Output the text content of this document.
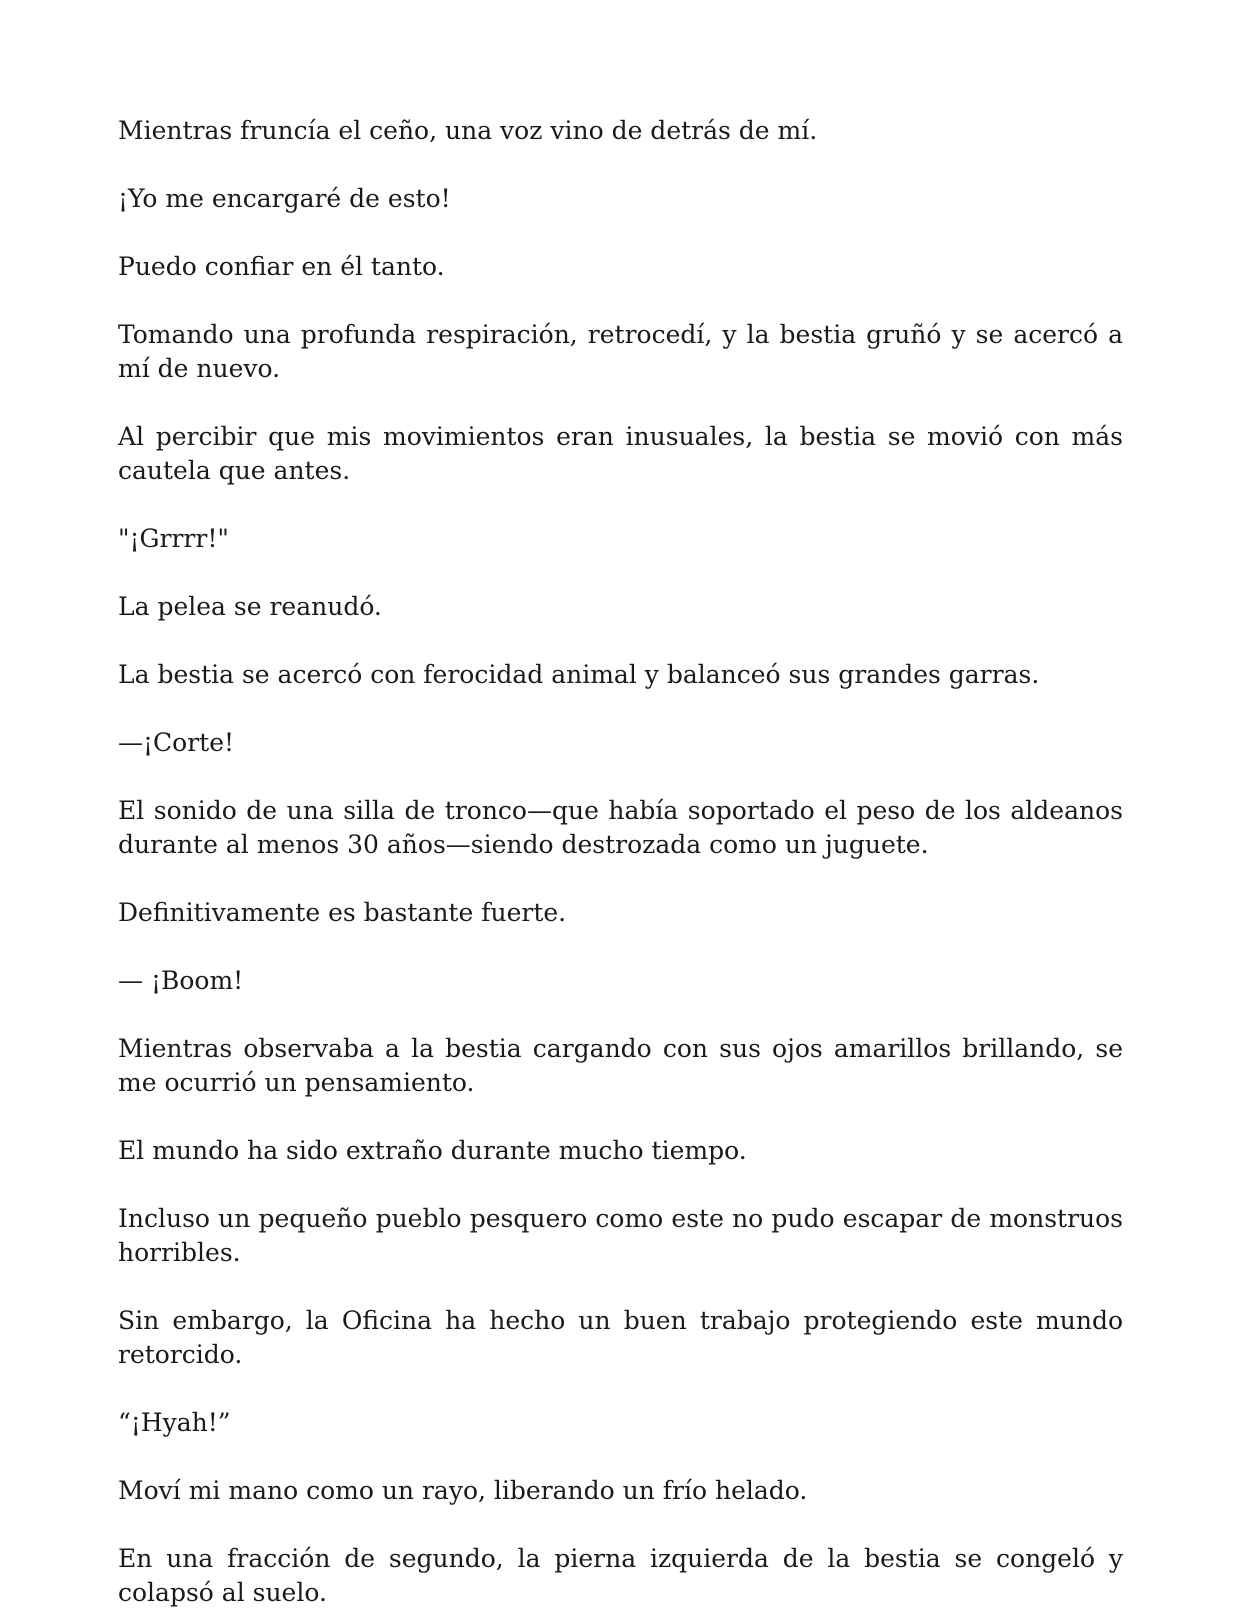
Mientras fruncía el ceño, una voz vino de detrás de mí.

¡Yo me encargaré de esto!

Puedo confiar en él tanto.

Tomando una profunda respiración, retrocedí, y la bestia gruñó y se acercó a mí de nuevo.

Al percibir que mis movimientos eran inusuales, la bestia se movió con más cautela que antes.

"¡Grrrr!"

La pelea se reanudó.

La bestia se acercó con ferocidad animal y balanceó sus grandes garras.

—¡Corte!

El sonido de una silla de tronco—que había soportado el peso de los aldeanos durante al menos 30 años—siendo destrozada como un juguete.

Definitivamente es bastante fuerte.

— ¡Boom!

Mientras observaba a la bestia cargando con sus ojos amarillos brillando, se me ocurrió un pensamiento.

El mundo ha sido extraño durante mucho tiempo.

Incluso un pequeño pueblo pesquero como este no pudo escapar de monstruos horribles.

Sin embargo, la Oficina ha hecho un buen trabajo protegiendo este mundo retorcido.

“¡Hyah!”

Moví mi mano como un rayo, liberando un frío helado.

En una fracción de segundo, la pierna izquierda de la bestia se congeló y colapsó al suelo.
